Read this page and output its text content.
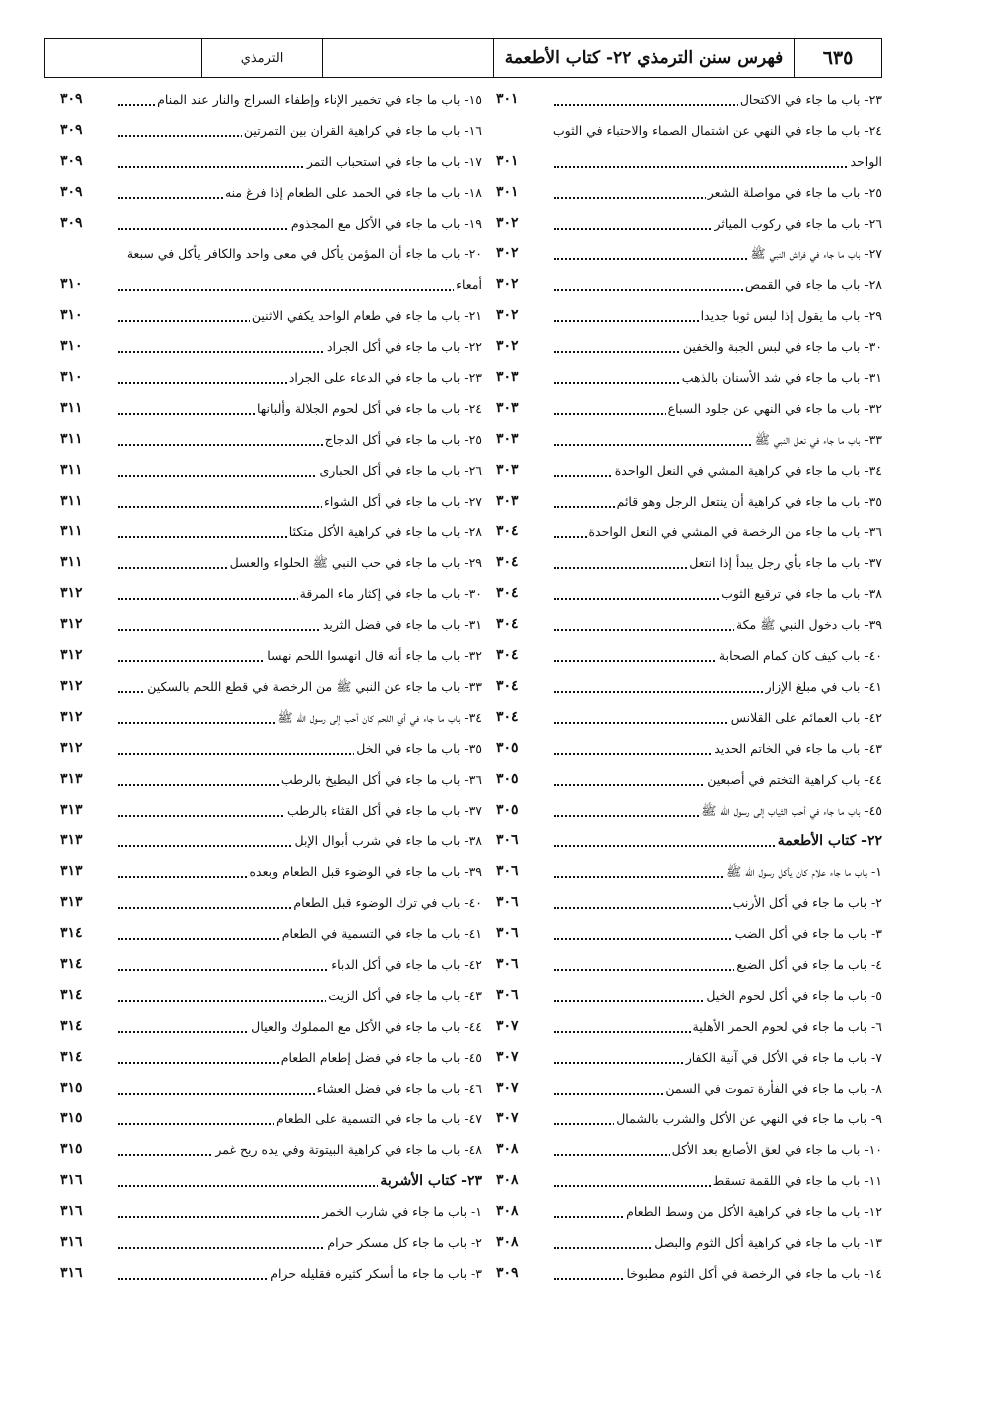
٦٣٥
فهرس سنن الترمذي ٢٢- كتاب الأطعمة
الترمذي
٢٣- باب ما جاء في الاكتحال
٣٠١
٢٤- باب ما جاء في النهي عن اشتمال الصماء والاحتباء في الثوب
الواحد
٣٠١
٢٥- باب ما جاء في مواصلة الشعر
٣٠١
٢٦- باب ما جاء في ركوب المياثر
٣٠٢
٢٧- باب ما جاء في فراش النبي ﷺ
٣٠٢
٢٨- باب ما جاء في القمص
٣٠٢
٢٩- باب ما يقول إذا لبس ثوبا جديدا
٣٠٢
٣٠- باب ما جاء في لبس الجبة والخفين
٣٠٢
٣١- باب ما جاء في شد الأسنان بالذهب
٣٠٣
٣٢- باب ما جاء في النهي عن جلود السباع
٣٠٣
٣٣- باب ما جاء في نعل النبي ﷺ
٣٠٣
٣٤- باب ما جاء في كراهية المشي في النعل الواحدة
٣٠٣
٣٥- باب ما جاء في كراهية أن ينتعل الرجل وهو قائم
٣٠٣
٣٦- باب ما جاء من الرخصة في المشي في النعل الواحدة
٣٠٤
٣٧- باب ما جاء بأي رجل يبدأ إذا انتعل
٣٠٤
٣٨- باب ما جاء في ترقيع الثوب
٣٠٤
٣٩- باب دخول النبي ﷺ مكة
٣٠٤
٤٠- باب كيف كان كمام الصحابة
٣٠٤
٤١- باب في مبلغ الإزار
٣٠٤
٤٢- باب العمائم على القلانس
٣٠٤
٤٣- باب ما جاء في الخاتم الحديد
٣٠٥
٤٤- باب كراهية التختم في أصبعين
٣٠٥
٤٥- باب ما جاء في أحب الثياب إلى رسول الله ﷺ
٣٠٥
٢٢- كتاب الأطعمة
٣٠٦
١- باب ما جاء علام كان يأكل رسول الله ﷺ
٣٠٦
٢- باب ما جاء في أكل الأرنب
٣٠٦
٣- باب ما جاء في أكل الضب
٣٠٦
٤- باب ما جاء في أكل الضبع
٣٠٦
٥- باب ما جاء في أكل لحوم الخيل
٣٠٦
٦- باب ما جاء في لحوم الحمر الأهلية
٣٠٧
٧- باب ما جاء في الأكل في آنية الكفار
٣٠٧
٨- باب ما جاء في الفأرة تموت في السمن
٣٠٧
٩- باب ما جاء في النهي عن الأكل والشرب بالشمال
٣٠٧
١٠- باب ما جاء في لعق الأصابع بعد الأكل
٣٠٨
١١- باب ما جاء في اللقمة تسقط
٣٠٨
١٢- باب ما جاء في كراهية الأكل من وسط الطعام
٣٠٨
١٣- باب ما جاء في كراهية أكل الثوم والبصل
٣٠٨
١٤- باب ما جاء في الرخصة في أكل الثوم مطبوخا
٣٠٩
١٥- باب ما جاء في تخمير الإناء وإطفاء السراج والنار عند المنام
٣٠٩
١٦- باب ما جاء في كراهية القران بين التمرتين
٣٠٩
١٧- باب ما جاء في استحباب التمر
٣٠٩
١٨- باب ما جاء في الحمد على الطعام إذا فرغ منه
٣٠٩
١٩- باب ما جاء في الأكل مع المجذوم
٣٠٩
٢٠- باب ما جاء أن المؤمن يأكل في معى واحد والكافر يأكل في سبعة
أمعاء
٣١٠
٢١- باب ما جاء في طعام الواحد يكفي الاثنين
٣١٠
٢٢- باب ما جاء في أكل الجراد
٣١٠
٢٣- باب ما جاء في الدعاء على الجراد
٣١٠
٢٤- باب ما جاء في أكل لحوم الجلالة وألبانها
٣١١
٢٥- باب ما جاء في أكل الدجاج
٣١١
٢٦- باب ما جاء في أكل الحبارى
٣١١
٢٧- باب ما جاء في أكل الشواء
٣١١
٢٨- باب ما جاء في كراهية الأكل متكئا
٣١١
٢٩- باب ما جاء في حب النبي ﷺ الحلواء والعسل
٣١١
٣٠- باب ما جاء في إكثار ماء المرقة
٣١٢
٣١- باب ما جاء في فضل الثريد
٣١٢
٣٢- باب ما جاء أنه قال انهسوا اللحم نهسا
٣١٢
٣٣- باب ما جاء عن النبي ﷺ من الرخصة في قطع اللحم بالسكين
٣١٢
٣٤- باب ما جاء في أي اللحم كان أحب إلى رسول الله ﷺ
٣١٢
٣٥- باب ما جاء في الخل
٣١٢
٣٦- باب ما جاء في أكل البطيخ بالرطب
٣١٣
٣٧- باب ما جاء في أكل القثاء بالرطب
٣١٣
٣٨- باب ما جاء في شرب أبوال الإبل
٣١٣
٣٩- باب ما جاء في الوضوء قبل الطعام وبعده
٣١٣
٤٠- باب في ترك الوضوء قبل الطعام
٣١٣
٤١- باب ما جاء في التسمية في الطعام
٣١٤
٤٢- باب ما جاء في أكل الدباء
٣١٤
٤٣- باب ما جاء في أكل الزيت
٣١٤
٤٤- باب ما جاء في الأكل مع المملوك والعيال
٣١٤
٤٥- باب ما جاء في فضل إطعام الطعام
٣١٤
٤٦- باب ما جاء في فضل العشاء
٣١٥
٤٧- باب ما جاء في التسمية على الطعام
٣١٥
٤٨- باب ما جاء في كراهية البيتوتة وفي يده ريح غمر
٣١٥
٢٣- كتاب الأشربة
٣١٦
١- باب ما جاء في شارب الخمر
٣١٦
٢- باب ما جاء كل مسكر حرام
٣١٦
٣- باب ما جاء ما أسكر كثيره فقليله حرام
٣١٦
